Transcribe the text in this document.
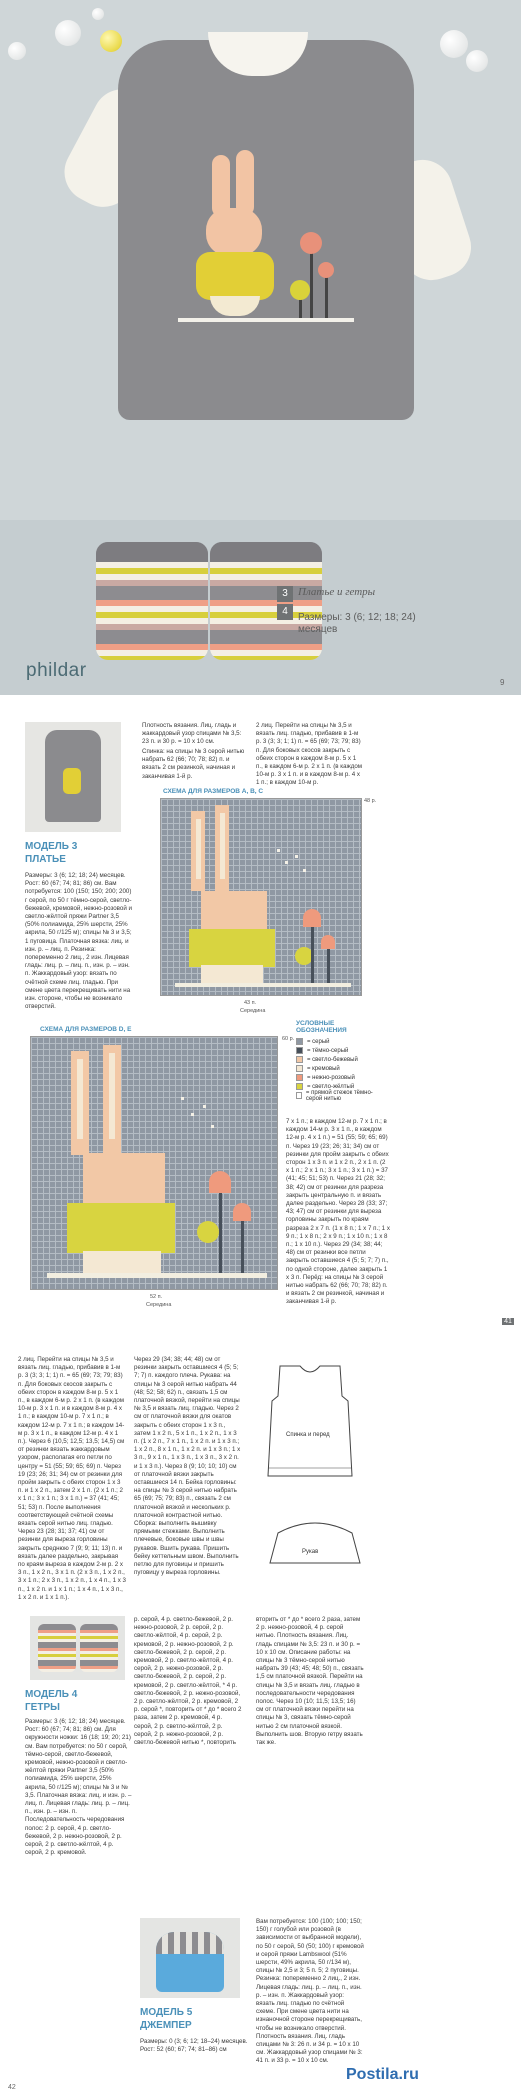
3
4
Платье и гетры
Размеры: 3 (6; 12; 18; 24) месяцев
phildar
9
Плотность вязания. Лиц. гладь и жаккардовый узор спицами № 3,5: 23 п. и 30 р. = 10 х 10 см.
Спинка: на спицы № 3 серой нитью набрать 62 (66; 70; 78; 82) п. и вязать 2 см резинкой, начиная и заканчивая 1-й р.
2 лиц. Перейти на спицы № 3,5 и вязать лиц. гладью, прибавив в 1-м р. 3 (3; 3; 1; 1) п. = 65 (69; 73; 79; 83) п. Для боковых скосов закрыть с обеих сторон в каждом 8-м р. 5 х 1 п., в каждом 6-м р. 2 х 1 п. (в каждом 10-м р. 3 х 1 п. и в каждом 8-м р. 4 х 1 п.; в каждом 10-м р.
МОДЕЛЬ 3
ПЛАТЬЕ
Размеры: 3 (6; 12; 18; 24) месяцев. Рост: 60 (67; 74; 81; 86) см. Вам потребуется: 100 (150; 150; 200; 200) г серой, по 50 г тёмно-серой, светло-бежевой, кремовой, нежно-розовой и светло-жёлтой пряжи Partner 3,5 (50% полиамида, 25% шерсти, 25% акрила, 50 г/125 м); спицы № 3 и 3,5; 1 пуговица. Платочная вязка: лиц. и изн. р. – лиц. п. Резинка: попеременно 2 лиц., 2 изн. Лицевая гладь: лиц. р. – лиц. п., изн. р. – изн. п. Жаккардовый узор: вязать по счётной схеме лиц. гладью. При смене цвета перекрещивать нити на изн. стороне, чтобы не возникало отверстий.
СХЕМА ДЛЯ РАЗМЕРОВ А, В, С
48 р.
43 п.
Середина
УСЛОВНЫЕ ОБОЗНАЧЕНИЯ
= серый
= тёмно-серый
= светло-бежевый
= кремовый
= нежно-розовый
= светло-жёлтый
= прямой стежок тёмно-серой нитью
СХЕМА ДЛЯ РАЗМЕРОВ D, E
60 р.
52 п.
Середина
7 х 1 п.; в каждом 12-м р. 7 х 1 п.; в каждом 14-м р. 3 х 1 п., в каждом 12-м р. 4 х 1 п.) = 51 (55; 59; 65; 69) п. Через 19 (23; 26; 31; 34) см от резинки для пройм закрыть с обеих сторон 1 х 3 п. и 1 х 2 п., 2 х 1 п. (2 х 1 п.; 2 х 1 п.; 3 х 1 п.; 3 х 1 п.) = 37 (41; 45; 51; 53) п. Через 21 (28; 32; 38; 42) см от резинки для разреза закрыть центральную п. и вязать далее раздельно. Через 28 (33; 37; 43; 47) см от резинки для выреза горловины закрыть по краям разреза 2 х 7 п. (1 х 8 п.; 1 х 7 п.; 1 х 9 п.; 1 х 8 п.; 2 х 9 п.; 1 х 10 п.; 1 х 8 п.; 1 х 10 п.). Через 29 (34; 38; 44; 48) см от резинки все петли закрыть оставшиеся 4 (5; 5; 7; 7) п., по одной стороне, далее закрыть 1 х 3 п. Перёд: на спицы № 3 серой нитью набрать 62 (66; 70; 78; 82) п. и вязать 2 см резинкой, начиная и заканчивая 1-й р.
41
2 лиц. Перейти на спицы № 3,5 и вязать лиц. гладью, прибавив в 1-м р. 3 (3; 3; 1; 1) п. = 65 (69; 73; 79; 83) п. Для боковых скосов закрыть с обеих сторон в каждом 8-м р. 5 х 1 п., в каждом 6-м р. 2 х 1 п. (в каждом 10-м р. 3 х 1 п. и в каждом 8-м р. 4 х 1 п.; в каждом 10-м р. 7 х 1 п.; в каждом 12-м р. 7 х 1 п.; в каждом 14-м р. 3 х 1 п., в каждом 12-м р. 4 х 1 п.). Через 6 (10,5; 12,5; 13,5; 14,5) см от резинки вязать жаккардовым узором, располагая его петли по центру = 51 (55; 59; 65; 69) п. Через 19 (23; 26; 31; 34) см от резинки для пройм закрыть с обеих сторон 1 х 3 п. и 1 х 2 п., затем 2 х 1 п. (2 х 1 п.; 2 х 1 п.; 3 х 1 п.; 3 х 1 п.) = 37 (41; 45; 51; 53) п. После выполнения соответствующей счётной схемы вязать серой нитью лиц. гладью. Через 23 (28; 31; 37; 41) см от резинки для выреза горловины закрыть среднюю 7 (9; 9; 11; 13) п. и вязать далее раздельно, закрывая по краям выреза в каждом 2-м р. 2 х 3 п., 1 х 2 п., 3 х 1 п. (2 х 3 п., 1 х 2 п., 3 х 1 п.; 2 х 3 п., 1 х 2 п., 1 х 4 п., 1 х 3 п., 1 х 2 п. и 1 х 1 п.; 1 х 4 п., 1 х 3 п., 1 х 2 п. и 1 х 1 п.).
Через 29 (34; 38; 44; 48) см от резинки закрыть оставшиеся 4 (5; 5; 7; 7) п. каждого плеча. Рукава: на спицы № 3 серой нитью набрать 44 (48; 52; 58; 62) п., связать 1,5 см платочной вязкой, перейти на спицы № 3,5 и вязать лиц. гладью. Через 2 см от платочной вязки для окатов закрыть с обеих сторон 1 х 3 п., затем 1 х 2 п., 5 х 1 п., 1 х 2 п., 1 х 3 п. (1 х 2 п., 7 х 1 п., 1 х 2 п. и 1 х 3 п.; 1 х 2 п., 8 х 1 п., 1 х 2 п. и 1 х 3 п.; 1 х 3 п., 9 х 1 п., 1 х 3 п., 1 х 3 п., 3 х 2 п. и 1 х 3 п.). Через 8 (9; 10; 10; 10) см от платочной вязки закрыть оставшиеся 14 п. Бейка горловины: на спицы № 3 серой нитью набрать 65 (69; 75; 79; 83) п., связать 2 см платочной вязкой и нескольких р. платочной контрастной нитью. Сборка: выполнить вышивку прямыми стежками. Выполнить плечевые, боковые швы и швы рукавов. Вшить рукава. Пришить бейку кеттельным швом. Выполнить петлю для пуговицы и пришить пуговицу у выреза горловины.
Спинка и перед
Рукав
МОДЕЛЬ 4
ГЕТРЫ
Размеры: 3 (6; 12; 18; 24) месяцев. Рост: 60 (67; 74; 81; 86) см. Для окружности ножки: 16 (18; 19; 20; 21) см. Вам потребуется: по 50 г серой, тёмно-серой, светло-бежевой, кремовой, нежно-розовой и светло-жёлтой пряжи Partner 3,5 (50% полиамида, 25% шерсти, 25% акрила, 50 г/125 м); спицы № 3 и № 3,5. Платочная вязка: лиц. и изн. р. – лиц. п. Лицевая гладь: лиц. р. – лиц. п., изн. р. – изн. п. Последовательность чередования полос: 2 р. серой, 4 р. светло-бежевой, 2 р. нежно-розовой, 2 р. серой, 2 р. светло-жёлтой, 4 р. серой, 2 р. кремовой.
р. серой, 4 р. светло-бежевой, 2 р. нежно-розовой, 2 р. серой, 2 р. светло-жёлтой, 4 р. серой, 2 р. кремовой, 2 р. нежно-розовой, 2 р. светло-бежевой, 2 р. серой, 2 р. кремовой, 2 р. светло-жёлтой, 4 р. серой, 2 р. нежно-розовой, 2 р. светло-бежевой, 2 р. серой, 2 р. кремовой, 2 р. светло-жёлтой, * 4 р. светло-бежевой, 2 р. нежно-розовой, 2 р. светло-жёлтой, 2 р. кремовой, 2 р. серой *, повторить от * до * всего 2 раза, затем 2 р. кремовой, 4 р. серой, 2 р. светло-жёлтой, 2 р. серой, 2 р. нежно-розовой, 2 р. светло-бежевой нитью *, повторить
вторить от * до * всего 2 раза, затем 2 р. нежно-розовой, 4 р. серой нитью. Плотность вязания. Лиц. гладь спицами № 3,5: 23 п. и 30 р. = 10 х 10 см. Описание работы: на спицы № 3 тёмно-серой нитью набрать 39 (43; 45; 48; 50) п., связать 1,5 см платочной вязкой. Перейти на спицы № 3,5 и вязать лиц. гладью в последовательности чередования полос. Через 10 (10; 11,5; 13,5; 16) см от платочной вязки перейти на спицы № 3, связать тёмно-серой нитью 2 см платочной вязкой. Выполнить шов. Вторую гетру вязать так же.
МОДЕЛЬ 5
ДЖЕМПЕР
Размеры: 0 (3; 6; 12; 18–24) месяцев. Рост: 52 (60; 67; 74; 81–86) см
Вам потребуется: 100 (100; 100; 150; 150) г голубой или розовой (в зависимости от выбранной модели), по 50 г серой, 50 (50; 100) г кремовой и серой пряжи Lambswool (51% шерсти, 49% акрила, 50 г/134 м), спицы № 2,5 и 3; 5 п. 5; 2 пуговицы. Резинка: попеременно 2 лиц., 2 изн. Лицевая гладь: лиц. р. – лиц. п., изн. р. – изн. п. Жаккардовый узор: вязать лиц. гладью по счётной схеме. При смене цвета нити на изнаночной стороне перекрещивать, чтобы не возникало отверстий. Плотность вязания. Лиц. гладь спицами № 3: 26 п. и 34 р. = 10 х 10 см. Жаккардовый узор спицами № 3: 41 п. и 33 р. = 10 х 10 см.
Postila.ru
42
